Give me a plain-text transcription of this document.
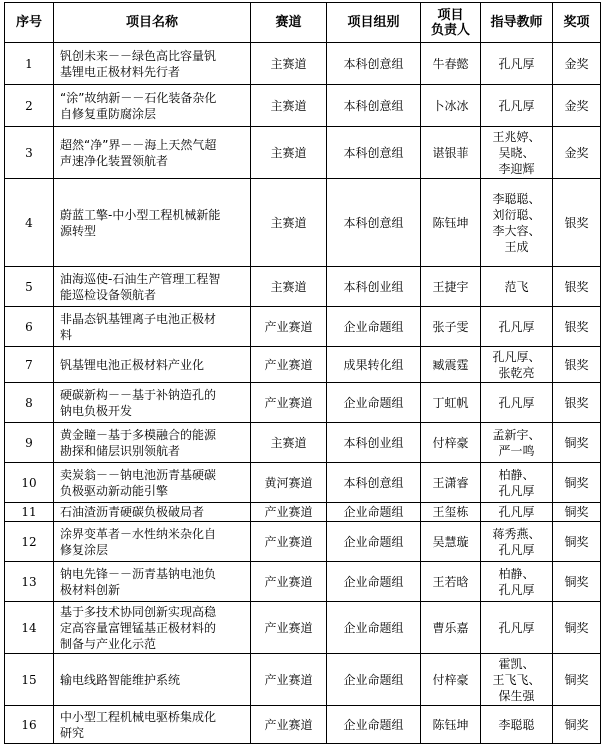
序号	项目名称	赛道	项目组别	项目
负责人	指导教师	奖项
1	钒创未来－－绿色高比容量钒
基锂电正极材料先行者	主赛道	本科创意组	牛春懿	孔凡厚	金奖
2	“涂”故纳新－－石化装备杂化
自修复重防腐涂层	主赛道	本科创意组	卜冰冰	孔凡厚	金奖
3	超然“净”界－－海上天然气超
声速净化装置领航者	主赛道	本科创意组	谌银菲	王兆婷、
吴晓、
李迎辉	金奖
4	蔚蓝工擎-中小型工程机械新能
源转型	主赛道	本科创意组	陈钰坤	李聪聪、
刘衍聪、
李大容、
王成	银奖
5	油海巡使-石油生产管理工程智
能巡检设备领航者	主赛道	本科创业组	王捷宇	范飞	银奖
6	非晶态钒基锂离子电池正极材
料	产业赛道	企业命题组	张子雯	孔凡厚	银奖
7	钒基锂电池正极材料产业化	产业赛道	成果转化组	臧震霆	孔凡厚、
张乾亮	银奖
8	硬碳新构－－基于补钠造孔的
钠电负极开发	产业赛道	企业命题组	丁虹帆	孔凡厚	银奖
9	黄金瞳－基于多模融合的能源
勘探和储层识别领航者	主赛道	本科创业组	付梓豪	孟新宇、
严一鸣	铜奖
10	卖炭翁－－钠电池沥青基硬碳
负极驱动新动能引擎	黄河赛道	本科创意组	王潇睿	柏静、
孔凡厚	铜奖
11	石油渣沥青硬碳负极破局者	产业赛道	企业命题组	王玺栋	孔凡厚	铜奖
12	涂界变革者－水性纳米杂化自
修复涂层	产业赛道	企业命题组	吴慧璇	蒋秀燕、
孔凡厚	铜奖
13	钠电先锋－－沥青基钠电池负
极材料创新	产业赛道	企业命题组	王若晗	柏静、
孔凡厚	铜奖
14	基于多技术协同创新实现高稳
定高容量富锂锰基正极材料的
制备与产业化示范	产业赛道	企业命题组	曹乐嘉	孔凡厚	铜奖
15	输电线路智能维护系统	产业赛道	企业命题组	付梓豪	霍凯、
王飞飞、
保生强	铜奖
16	中小型工程机械电驱桥集成化
研究	产业赛道	企业命题组	陈钰坤	李聪聪	铜奖
